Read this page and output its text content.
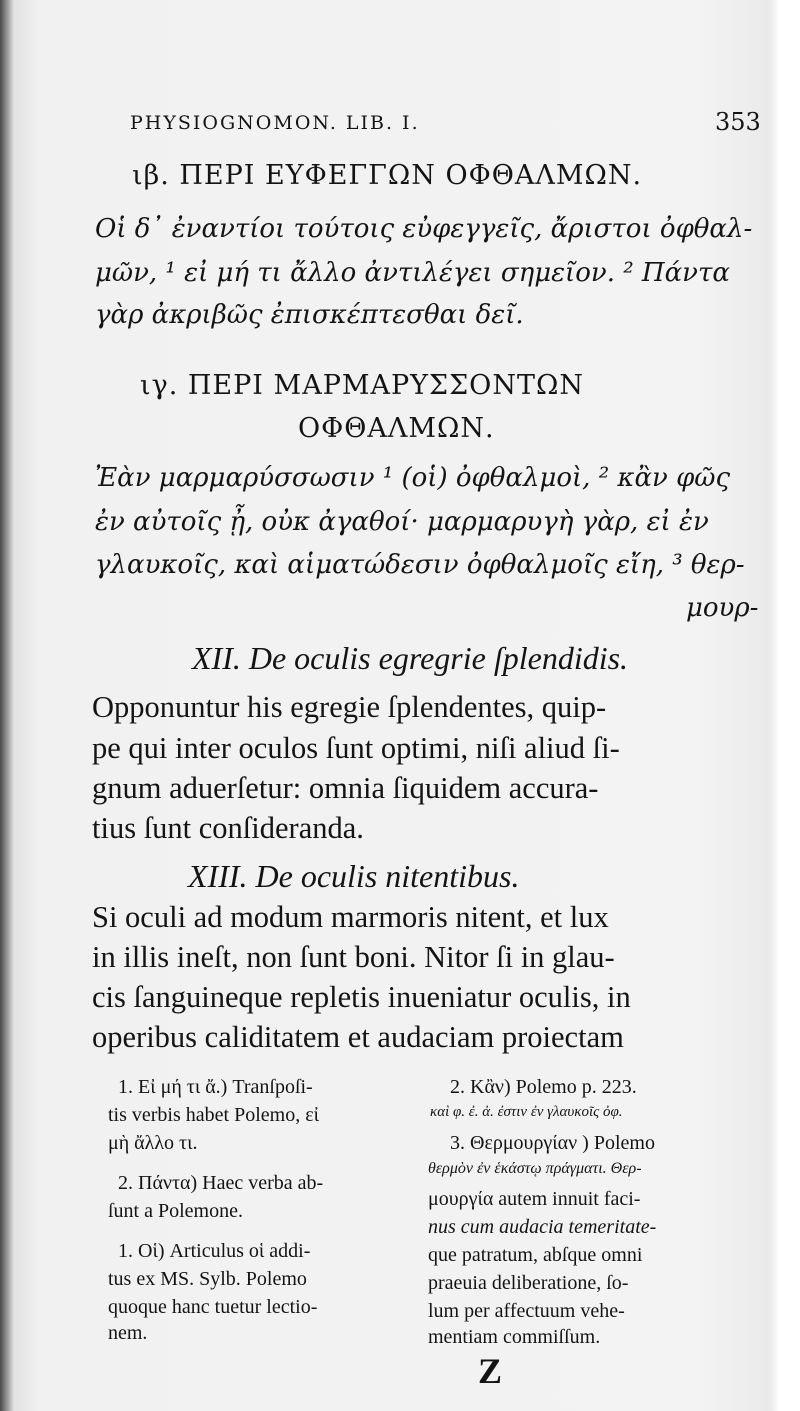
PHYSIOGNOMON. LIB. I.	353
ιβ. ΠΕΡΙ ΕΥΦΕΓΓΩΝ ΟΦΘΑΛΜΩΝ.
Οἱ δ᾽ ἐναντίοι τούτοις εὐφεγγεῖς, ἄριστοι ὀφθαλ-
μῶν, ¹ εἰ μή τι ἄλλο ἀντιλέγει σημεῖον. ² Πάντα
γὰρ ἀκριβῶς ἐπισκέπτεσθαι δεῖ.
ιγ. ΠΕΡΙ ΜΑΡΜΑΡΥΣΣΟΝΤΩΝ
ΟΦΘΑΛΜΩΝ.
Ἐὰν μαρμαρύσσωσιν ¹ (οἱ) ὀφθαλμοὶ, ² κἂν φῶς
ἐν αὐτοῖς ᾖ, οὐκ ἀγαθοί· μαρμαρυγὴ γὰρ, εἰ ἐν
γλαυκοῖς, καὶ αἱματώδεσιν ὀφθαλμοῖς εἴη, ³ θερ-
μουρ-
XII. De oculis egregrie ſplendidis.
Opponuntur his egregie ſplendentes, quip-
pe qui inter oculos ſunt optimi, niſi aliud ſi-
gnum aduerſetur: omnia ſiquidem accura-
tius ſunt conſideranda.
XIII. De oculis nitentibus.
Si oculi ad modum marmoris nitent, et lux
in illis ineſt, non ſunt boni. Nitor ſi in glau-
cis ſanguineque repletis inueniatur oculis, in
operibus caliditatem et audaciam proiectam
1. Εἰ μή τι ἄ.) Tranſpoſi-
tis verbis habet Polemo, εἰ
μὴ ἄλλο τι.
2. Πάντα) Haec verba ab-
ſunt a Polemone.
1. Οἱ) Articulus οἱ addi-
tus ex MS. Sylb. Polemo
quoque hanc tuetur lectio-
nem.
2. Κἂν) Polemo p. 223.
καὶ φ. ἐ. ἀ. ἐστιν ἐν γλαυκοῖς ὀφ.
3. Θερμουργίαν ) Polemo
θερμὸν ἐν ἑκάστῳ πράγματι. Θερ-
μουργία autem innuit faci-
nus cum audacia temeritate-
que patratum, abſque omni
praeuia deliberatione, ſo-
lum per affectuum vehe-
mentiam commiſſum.
Z
